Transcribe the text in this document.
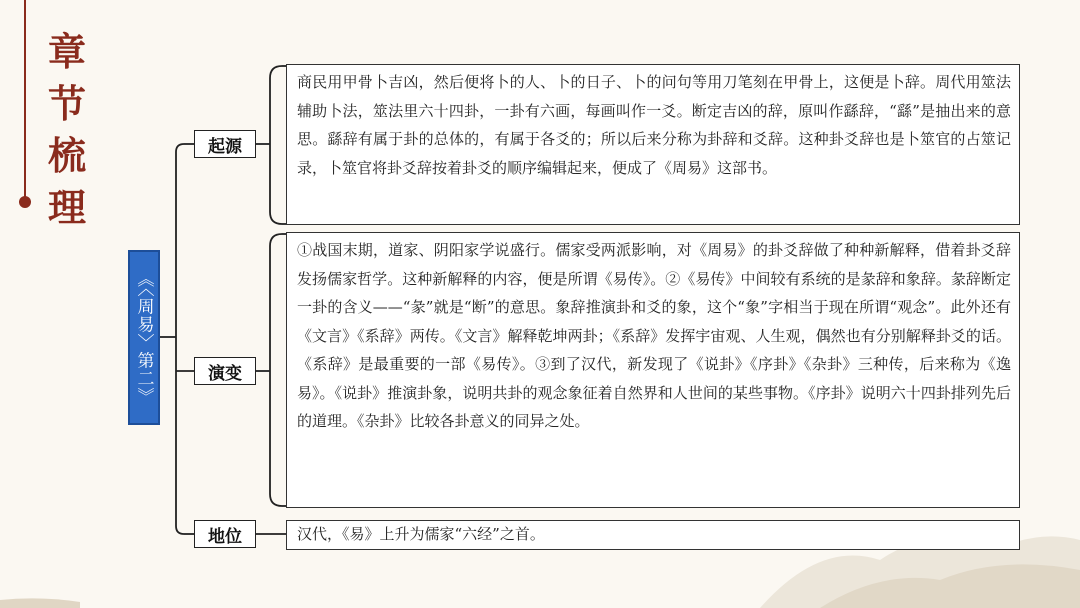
章
节
梳
理
《〈周易〉第二》
起源
演变
地位
商民用甲骨卜吉凶，然后便将卜的人、卜的日子、卜的问句等用刀笔刻在甲骨上，这便是卜辞。周代用筮法辅助卜法，筮法里六十四卦，一卦有六画，每画叫作一爻。断定吉凶的辞，原叫作繇辞，“繇”是抽出来的意思。繇辞有属于卦的总体的，有属于各爻的；所以后来分称为卦辞和爻辞。这种卦爻辞也是卜筮官的占筮记录，卜筮官将卦爻辞按着卦爻的顺序编辑起来，便成了《周易》这部书。
①战国末期，道家、阴阳家学说盛行。儒家受两派影响，对《周易》的卦爻辞做了种种新解释，借着卦爻辞发扬儒家哲学。这种新解释的内容，便是所谓《易传》。②《易传》中间较有系统的是彖辞和象辞。彖辞断定一卦的含义——“彖”就是“断”的意思。象辞推演卦和爻的象，这个“象”字相当于现在所谓“观念”。此外还有《文言》《系辞》两传。《文言》解释乾坤两卦；《系辞》发挥宇宙观、人生观，偶然也有分别解释卦爻的话。《系辞》是最重要的一部《易传》。③到了汉代，新发现了《说卦》《序卦》《杂卦》三种传，后来称为《逸易》。《说卦》推演卦象，说明共卦的观念象征着自然界和人世间的某些事物。《序卦》说明六十四卦排列先后的道理。《杂卦》比较各卦意义的同异之处。
汉代，《易》上升为儒家“六经”之首。
